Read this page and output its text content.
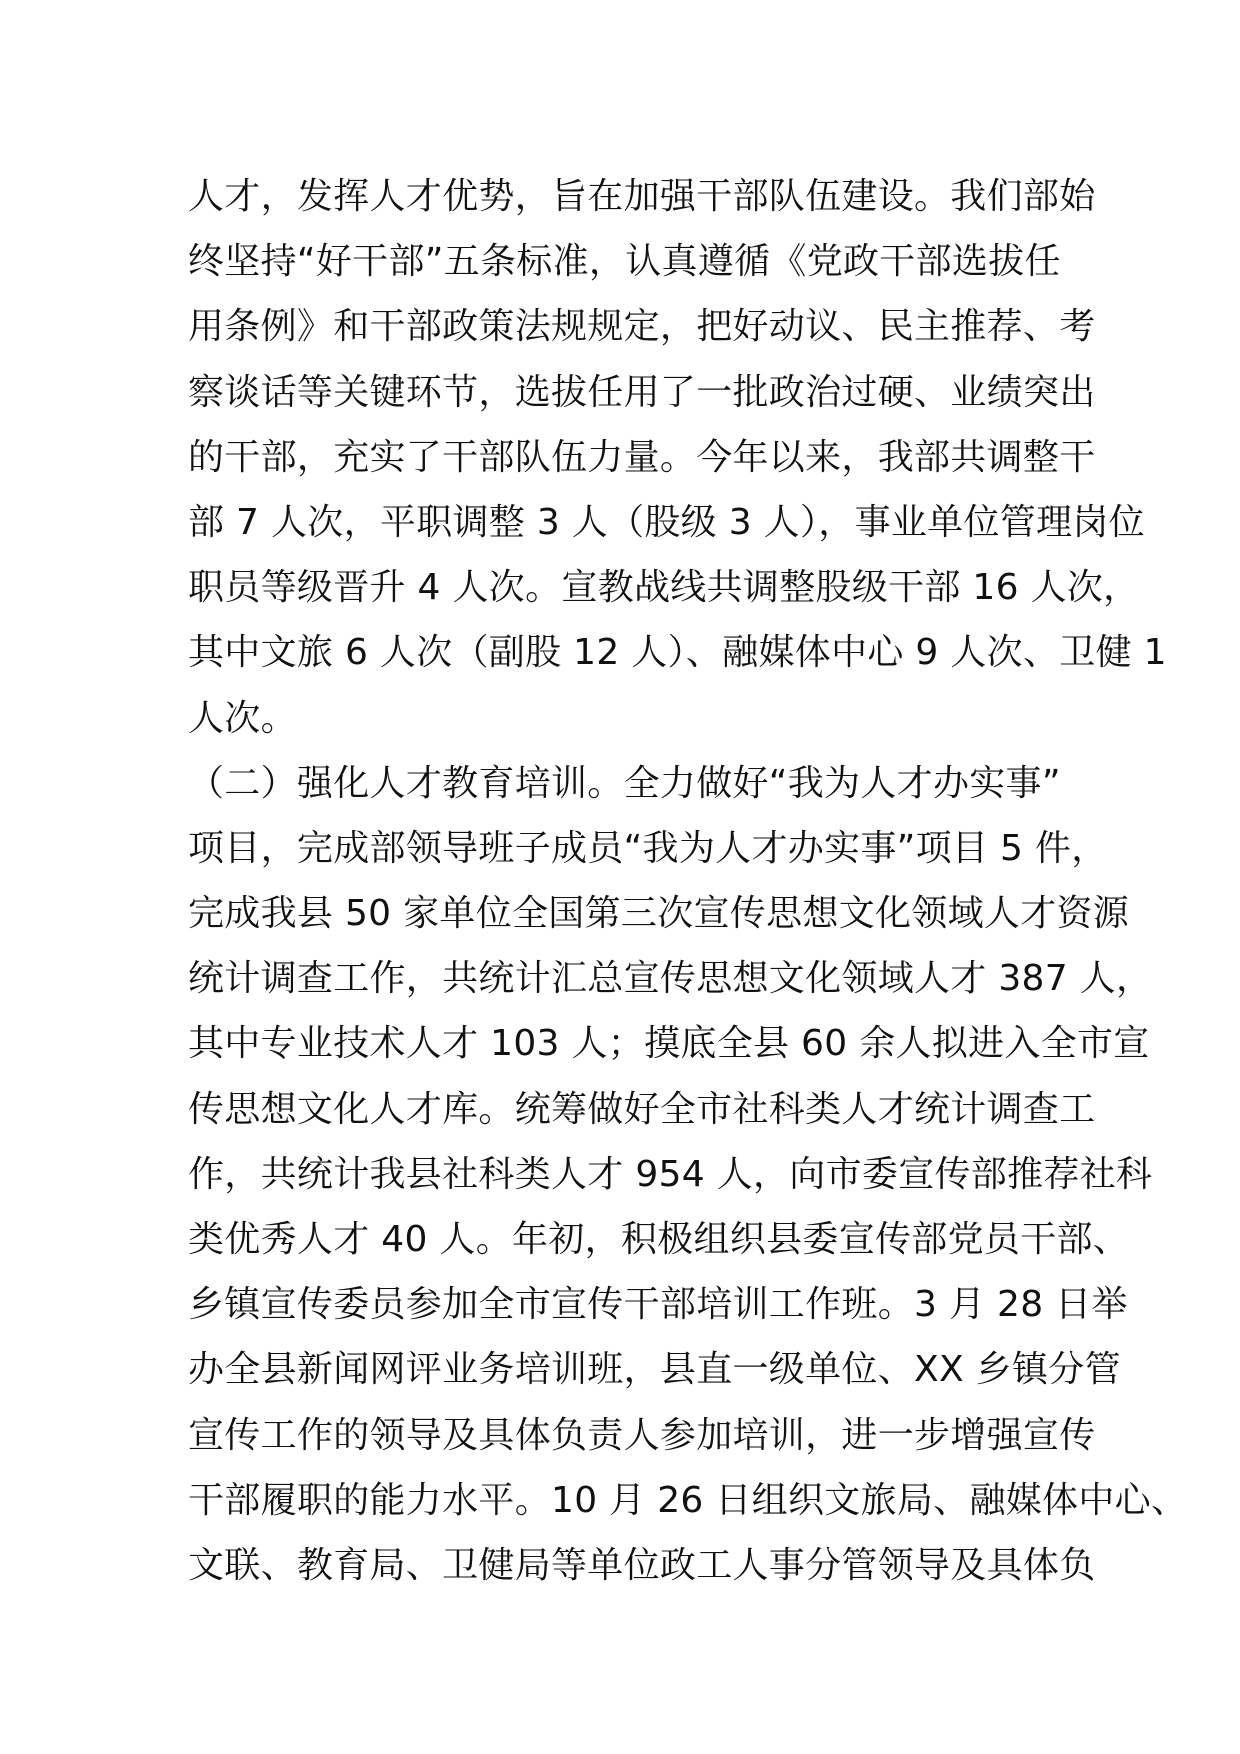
人才，发挥人才优势，旨在加强干部队伍建设。我们部始
终坚持“好干部”五条标准，认真遵循《党政干部选拔任
用条例》和干部政策法规规定，把好动议、民主推荐、考
察谈话等关键环节，选拔任用了一批政治过硬、业绩突出
的干部，充实了干部队伍力量。今年以来，我部共调整干
部 7 人次，平职调整 3 人（股级 3 人），事业单位管理岗位
职员等级晋升 4 人次。宣教战线共调整股级干部 16 人次，
其中文旅 6 人次（副股 12 人）、融媒体中心 9 人次、卫健 1
人次。
（二）强化人才教育培训。全力做好“我为人才办实事”
项目，完成部领导班子成员“我为人才办实事”项目 5 件，
完成我县 50 家单位全国第三次宣传思想文化领域人才资源
统计调查工作，共统计汇总宣传思想文化领域人才 387 人，
其中专业技术人才 103 人；摸底全县 60 余人拟进入全市宣
传思想文化人才库。统筹做好全市社科类人才统计调查工
作，共统计我县社科类人才 954 人，向市委宣传部推荐社科
类优秀人才 40 人。年初，积极组织县委宣传部党员干部、
乡镇宣传委员参加全市宣传干部培训工作班。3 月 28 日举
办全县新闻网评业务培训班，县直一级单位、XX 乡镇分管
宣传工作的领导及具体负责人参加培训，进一步增强宣传
干部履职的能力水平。10 月 26 日组织文旅局、融媒体中心、
文联、教育局、卫健局等单位政工人事分管领导及具体负
